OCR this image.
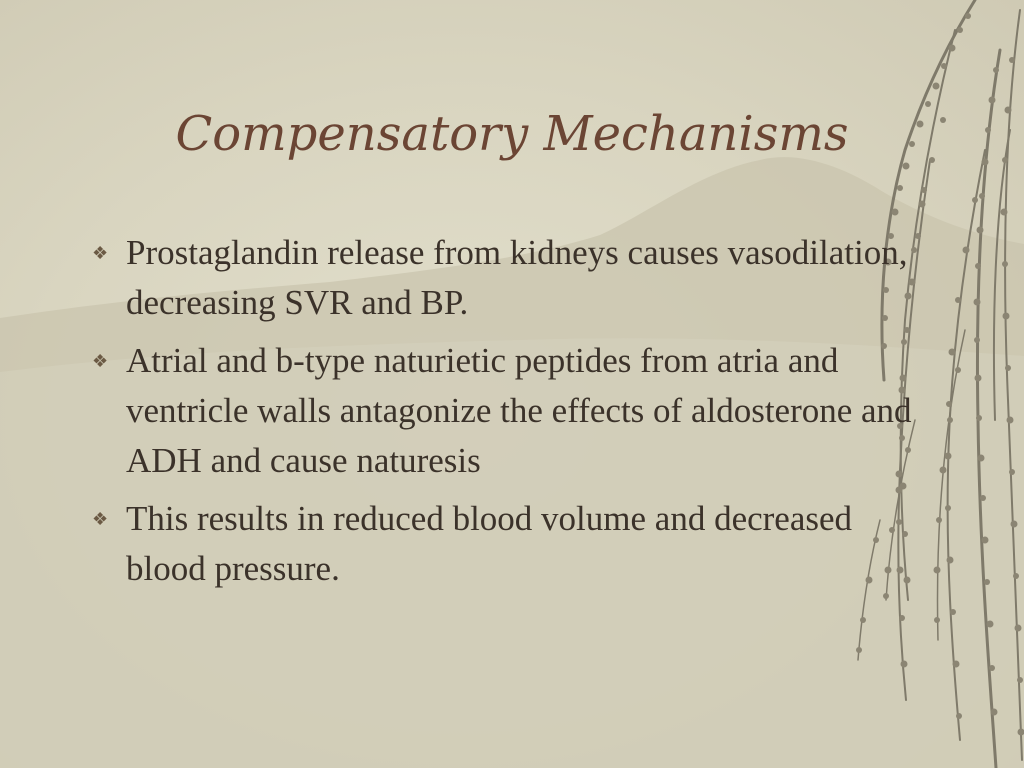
Compensatory Mechanisms
❖ Prostaglandin release from kidneys causes vasodilation, decreasing SVR and BP.
❖ Atrial and b-type naturietic peptides from atria and ventricle walls antagonize the effects of aldosterone and ADH and cause naturesis
❖ This results in reduced blood volume and decreased blood pressure.
